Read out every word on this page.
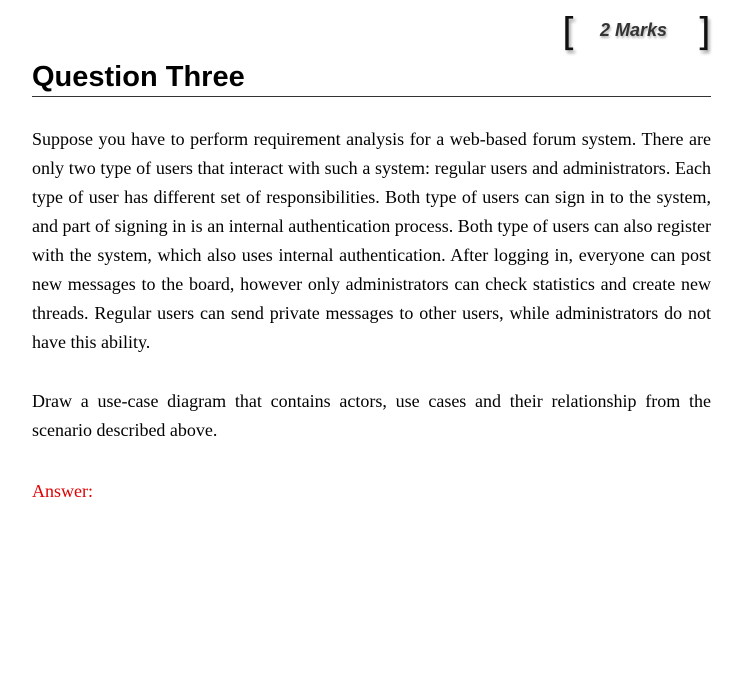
[ 2 Marks ]
Question Three

Suppose you have to perform requirement analysis for a web-based forum system. There are only two type of users that interact with such a system: regular users and administrators. Each type of user has different set of responsibilities. Both type of users can sign in to the system, and part of signing in is an internal authentication process. Both type of users can also register with the system, which also uses internal authentication. After logging in, everyone can post new messages to the board, however only administrators can check statistics and create new threads. Regular users can send private messages to other users, while administrators do not have this ability.

Draw a use-case diagram that contains actors, use cases and their relationship from the scenario described above.

Answer:
